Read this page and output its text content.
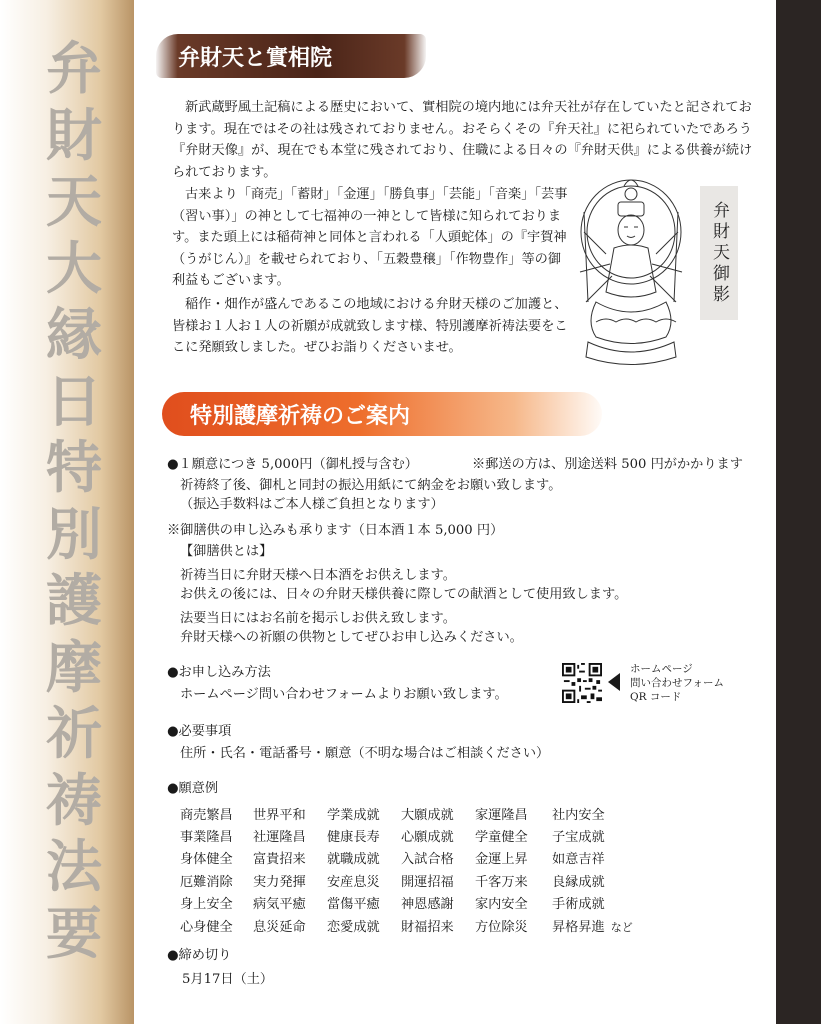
弁財天大縁日特別護摩祈祷法要
弁財天と實相院

新武蔵野風土記稿による歴史において、實相院の境内地には弁天社が存在していたと記されております。現在ではその社は残されておりません。おそらくその『弁天社』に祀られていたであろう『弁財天像』が、現在でも本堂に残されており、住職による日々の『弁財天供』による供養が続けられております。

古来より「商売」「蓄財」「金運」「勝負事」「芸能」「音楽」「芸事（習い事）」の神として七福神の一神として皆様に知られております。また頭上には稲荷神と同体と言われる「人頭蛇体」の『宇賀神（うがじん）』を載せられており、「五穀豊穣」「作物豊作」等の御利益もございます。

稲作・畑作が盛んであるこの地域における弁財天様のご加護と、皆様お１人お１人の祈願が成就致します様、特別護摩祈祷法要をここに発願致しました。ぜひお詣りくださいませ。

弁財天御影
特別護摩祈祷のご案内
●１願意につき 5,000円（御札授与含む）	※郵送の方は、別途送料 500 円がかかります
祈祷終了後、御札と同封の振込用紙にて納金をお願い致します。
（振込手数料はご本人様ご負担となります）
※御膳供の申し込みも承ります（日本酒１本 5,000 円）
【御膳供とは】
祈祷当日に弁財天様へ日本酒をお供えします。
お供えの後には、日々の弁財天様供養に際しての献酒として使用致します。
法要当日にはお名前を掲示しお供え致します。
弁財天様への祈願の供物としてぜひお申し込みください。
●お申し込み方法
ホームページ問い合わせフォームよりお願い致します。
ホームページ
問い合わせフォーム
QR コード
●必要事項
住所・氏名・電話番号・願意（不明な場合はご相談ください）
●願意例
商売繁昌	世界平和	学業成就	大願成就	家運隆昌	社内安全
事業隆昌	社運隆昌	健康長寿	心願成就	学童健全	子宝成就
身体健全	富貴招来	就職成就	入試合格	金運上昇	如意吉祥
厄難消除	実力発揮	安産息災	開運招福	千客万来	良縁成就
身上安全	病気平癒	當傷平癒	神恩感謝	家内安全	手術成就
心身健全	息災延命	恋愛成就	財福招来	方位除災	昇格昇進 など
●締め切り
5月17日（土）
